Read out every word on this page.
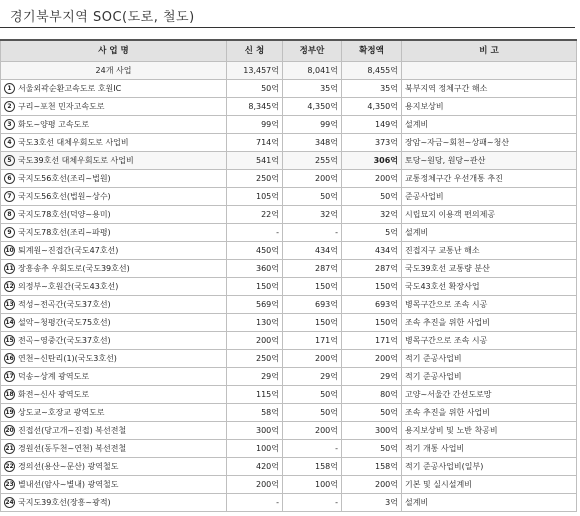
경기북부지역 SOC(도로, 철도)
사 업 명	신 청	정부안	확정액	비 고
24개 사업	13,457억	8,041억	8,455억	
1 서울외곽순환고속도로 호원IC	50억	35억	35억	북부지역 정체구간 해소
2 구리~포천 민자고속도로	8,345억	4,350억	4,350억	용지보상비
3 화도~양평 고속도로	99억	99억	149억	설계비
4 국도3호선 대체우회도로 사업비	714억	348억	373억	장암~자금~회천~상패~청산
5 국도39호선 대체우회도로 사업비	541억	255억	306억	토당~원당, 원당~관산
6 국지도56호선(조리~법원)	250억	200억	200억	교통정체구간 우선개통 추진
7 국지도56호선(법원~상수)	105억	50억	50억	준공사업비
8 국지도78호선(덕양~용미)	22억	32억	32억	시립묘지 이용객 편의제공
9 국지도78호선(조리~파평)	-	-	5억	설계비
10 퇴계원~진접간(국도47호선)	450억	434억	434억	진접지구 교통난 해소
11 장흥송추 우회도로(국도39호선)	360억	287억	287억	국도39호선 교통량 분산
12 의정부~호원간(국도43호선)	150억	150억	150억	국도43호선 확장사업
13 적성~전곡간(국도37호선)	569억	693억	693억	병목구간으로 조속 시공
14 설악~청평간(국도75호선)	130억	150억	150억	조속 추진을 위한 사업비
15 전곡~영중간(국도37호선)	200억	171억	171억	병목구간으로 조속 시공
16 연천~신탄리(1)(국도3호선)	250억	200억	200억	적기 준공사업비
17 덕송~상계 광역도로	29억	29억	29억	적기 준공사업비
18 화전~신사 광역도로	115억	50억	80억	고양~서울간 간선도로망
19 상도교~호장교 광역도로	58억	50억	50억	조속 추진을 위한 사업비
20 진접선(당고개~진접) 복선전철	300억	200억	300억	용지보상비 및 노반 착공비
21 경원선(동두천~연천) 복선전철	100억	-	50억	적기 개통 사업비
22 경의선(용산~문산) 광역철도	420억	158억	158억	적기 준공사업비(일부)
23 별내선(암사~별내) 광역철도	200억	100억	200억	기본 및 실시설계비
24 국지도39호선(장흥~광적)	-	-	3억	설계비
